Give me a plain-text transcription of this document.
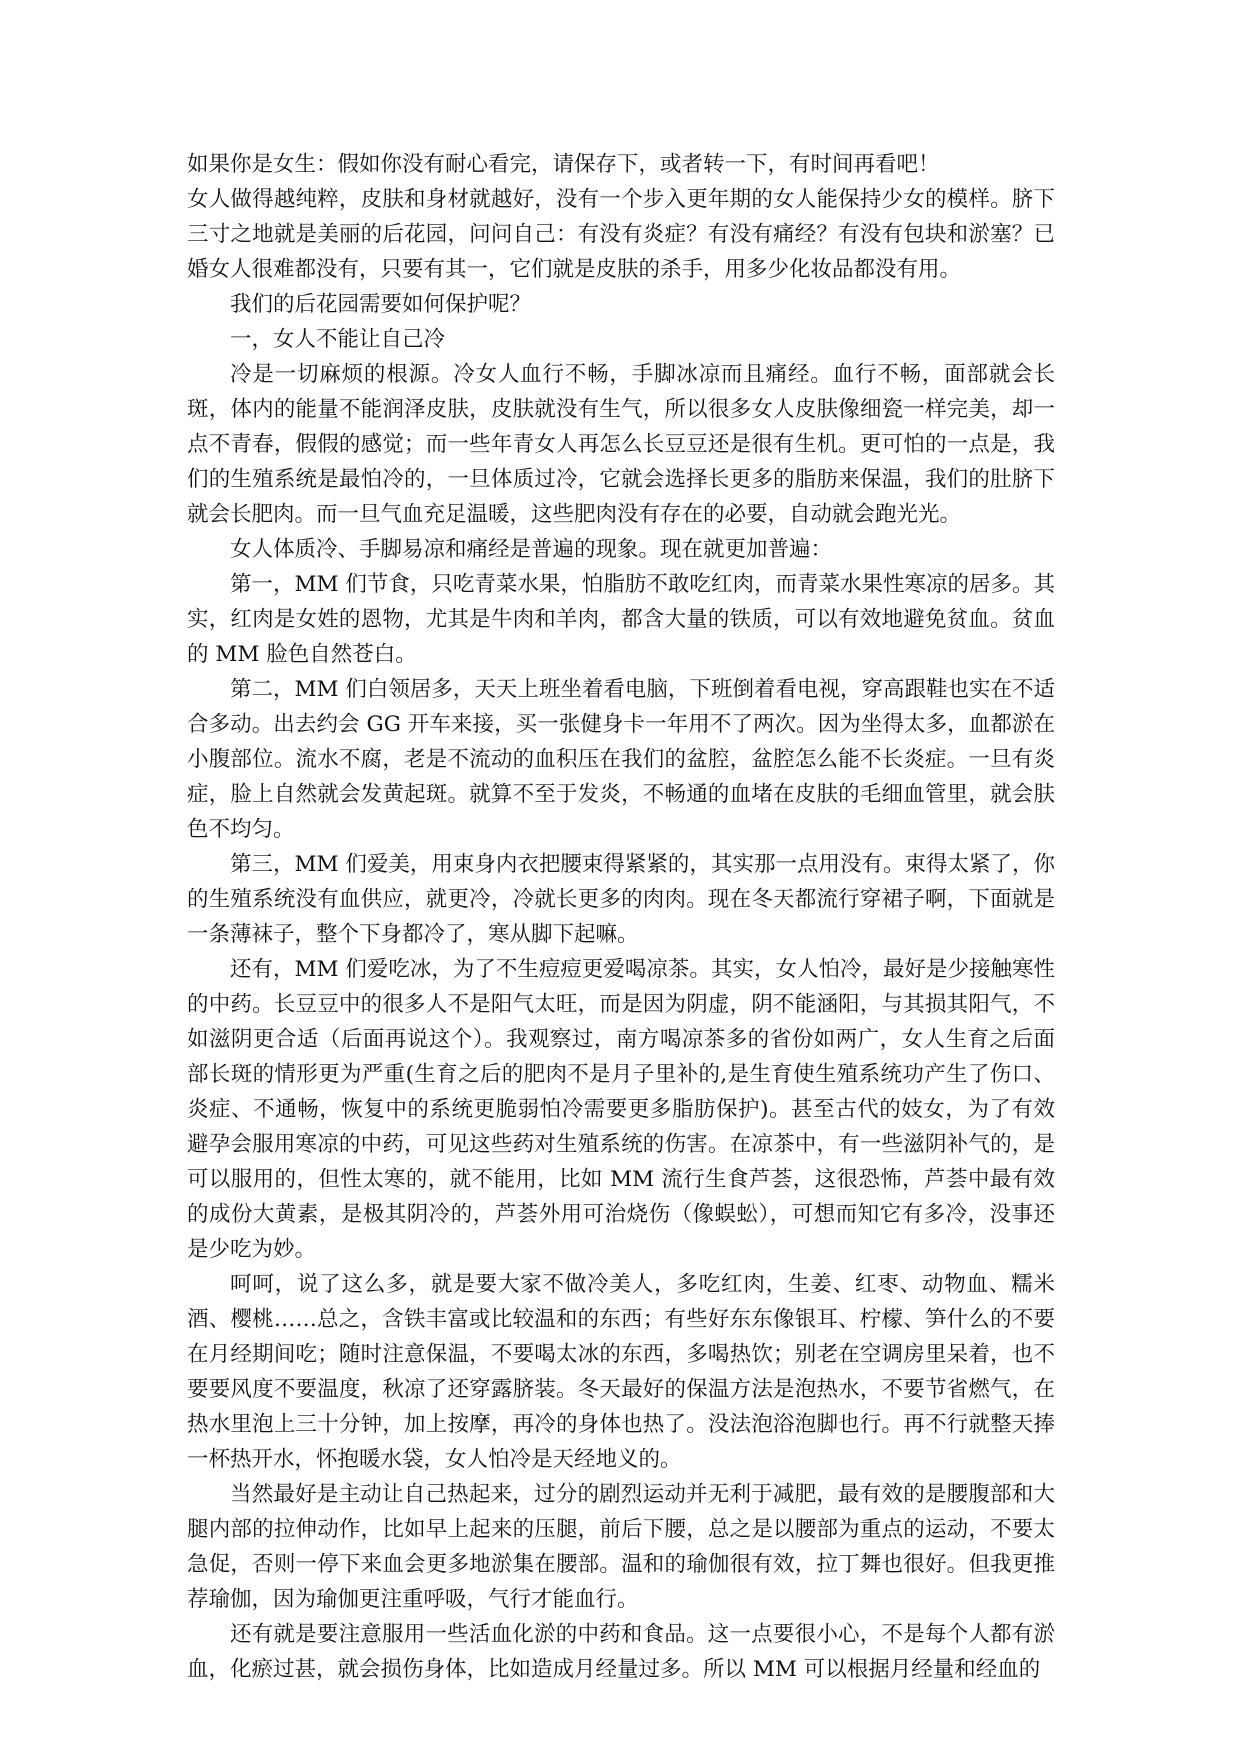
如果你是女生：假如你没有耐心看完，请保存下，或者转一下，有时间再看吧！

女人做得越纯粹，皮肤和身材就越好，没有一个步入更年期的女人能保持少女的模样。脐下三寸之地就是美丽的后花园，问问自己：有没有炎症？有没有痛经？有没有包块和淤塞？已婚女人很难都没有，只要有其一，它们就是皮肤的杀手，用多少化妆品都没有用。

我们的后花园需要如何保护呢？

一，女人不能让自己冷

冷是一切麻烦的根源。冷女人血行不畅，手脚冰凉而且痛经。血行不畅，面部就会长斑，体内的能量不能润泽皮肤，皮肤就没有生气，所以很多女人皮肤像细瓷一样完美，却一点不青春，假假的感觉；而一些年青女人再怎么长豆豆还是很有生机。更可怕的一点是，我们的生殖系统是最怕冷的，一旦体质过冷，它就会选择长更多的脂肪来保温，我们的肚脐下就会长肥肉。而一旦气血充足温暖，这些肥肉没有存在的必要，自动就会跑光光。

女人体质冷、手脚易凉和痛经是普遍的现象。现在就更加普遍：

第一，MM 们节食，只吃青菜水果，怕脂肪不敢吃红肉，而青菜水果性寒凉的居多。其实，红肉是女姓的恩物，尤其是牛肉和羊肉，都含大量的铁质，可以有效地避免贫血。贫血的 MM 脸色自然苍白。

第二，MM 们白领居多，天天上班坐着看电脑，下班倒着看电视，穿高跟鞋也实在不适合多动。出去约会 GG 开车来接，买一张健身卡一年用不了两次。因为坐得太多，血都淤在小腹部位。流水不腐，老是不流动的血积压在我们的盆腔，盆腔怎么能不长炎症。一旦有炎症，脸上自然就会发黄起斑。就算不至于发炎，不畅通的血堵在皮肤的毛细血管里，就会肤色不均匀。

第三，MM 们爱美，用束身内衣把腰束得紧紧的，其实那一点用没有。束得太紧了，你的生殖系统没有血供应，就更冷，冷就长更多的肉肉。现在冬天都流行穿裙子啊，下面就是一条薄袜子，整个下身都冷了，寒从脚下起嘛。

还有，MM 们爱吃冰，为了不生痘痘更爱喝凉茶。其实，女人怕冷，最好是少接触寒性的中药。长豆豆中的很多人不是阳气太旺，而是因为阴虚，阴不能涵阳，与其损其阳气，不如滋阴更合适（后面再说这个）。我观察过，南方喝凉茶多的省份如两广，女人生育之后面部长斑的情形更为严重(生育之后的肥肉不是月子里补的,是生育使生殖系统功产生了伤口、炎症、不通畅，恢复中的系统更脆弱怕冷需要更多脂肪保护)。甚至古代的妓女，为了有效避孕会服用寒凉的中药，可见这些药对生殖系统的伤害。在凉茶中，有一些滋阴补气的，是可以服用的，但性太寒的，就不能用，比如 MM 流行生食芦荟，这很恐怖，芦荟中最有效的成份大黄素，是极其阴冷的，芦荟外用可治烧伤（像蜈蚣），可想而知它有多冷，没事还是少吃为妙。

呵呵，说了这么多，就是要大家不做冷美人，多吃红肉，生姜、红枣、动物血、糯米酒、樱桃……总之，含铁丰富或比较温和的东西；有些好东东像银耳、柠檬、笋什么的不要在月经期间吃；随时注意保温，不要喝太冰的东西，多喝热饮；别老在空调房里呆着，也不要要风度不要温度，秋凉了还穿露脐装。冬天最好的保温方法是泡热水，不要节省燃气，在热水里泡上三十分钟，加上按摩，再冷的身体也热了。没法泡浴泡脚也行。再不行就整天捧一杯热开水，怀抱暖水袋，女人怕冷是天经地义的。

当然最好是主动让自己热起来，过分的剧烈运动并无利于减肥，最有效的是腰腹部和大腿内部的拉伸动作，比如早上起来的压腿，前后下腰，总之是以腰部为重点的运动，不要太急促，否则一停下来血会更多地淤集在腰部。温和的瑜伽很有效，拉丁舞也很好。但我更推荐瑜伽，因为瑜伽更注重呼吸，气行才能血行。

还有就是要注意服用一些活血化淤的中药和食品。这一点要很小心，不是每个人都有淤血，化瘀过甚，就会损伤身体，比如造成月经量过多。所以 MM 可以根据月经量和经血的
